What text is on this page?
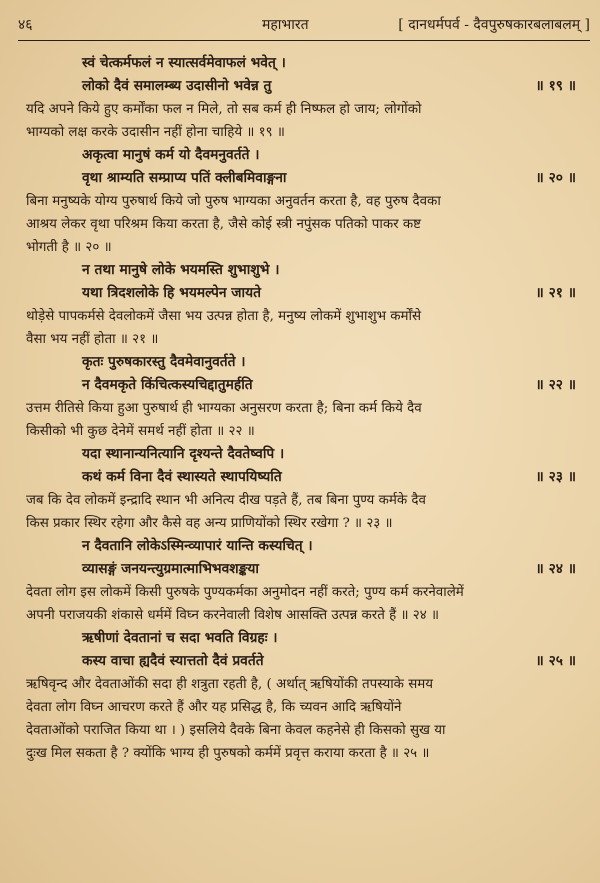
४६	महाभारत	[ दानधर्मपर्व - दैवपुरुषकारबलाबलम् ]
स्वं चेत्कर्मफलं न स्यात्सर्वमेवाफलं भवेत् ।
लोको दैवं समालम्ब्य उदासीनो भवेन्न तु	॥ १९ ॥
यदि अपने किये हुए कर्मोंका फल न मिले, तो सब कर्म ही निष्फल हो जाय; लोगोंको
भाग्यको लक्ष करके उदासीन नहीं होना चाहिये ॥ १९ ॥
अकृत्वा मानुषं कर्म यो दैवमनुवर्तते ।
वृथा श्राम्यति सम्प्राप्य पतिं क्लीबमिवाङ्गना	॥ २० ॥
बिना मनुष्यके योग्य पुरुषार्थ किये जो पुरुष भाग्यका अनुवर्तन करता है, वह पुरुष दैवका
आश्रय लेकर वृथा परिश्रम किया करता है, जैसे कोई स्त्री नपुंसक पतिको पाकर कष्ट
भोगती है ॥ २० ॥
न तथा मानुषे लोके भयमस्ति शुभाशुभे ।
यथा त्रिदशलोके हि भयमल्पेन जायते	॥ २१ ॥
थोड़ेसे पापकर्मसे देवलोकमें जैसा भय उत्पन्न होता है, मनुष्य लोकमें शुभाशुभ कर्मोंसे
वैसा भय नहीं होता ॥ २१ ॥
कृतः पुरुषकारस्तु दैवमेवानुवर्तते ।
न दैवमकृते किंचित्कस्यचिद्दातुमर्हति	॥ २२ ॥
उत्तम रीतिसे किया हुआ पुरुषार्थ ही भाग्यका अनुसरण करता है; बिना कर्म किये दैव
किसीको भी कुछ देनेमें समर्थ नहीं होता ॥ २२ ॥
यदा स्थानान्यनित्यानि दृश्यन्ते दैवतेष्वपि ।
कथं कर्म विना दैवं स्थास्यते स्थापयिष्यति	॥ २३ ॥
जब कि देव लोकमें इन्द्रादि स्थान भी अनित्य दीख पड़ते हैं, तब बिना पुण्य कर्मके दैव
किस प्रकार स्थिर रहेगा और कैसे वह अन्य प्राणियोंको स्थिर रखेगा ? ॥ २३ ॥
न दैवतानि लोकेऽस्मिन्व्यापारं यान्ति कस्यचित् ।
व्यासङ्गं जनयन्त्युग्रमात्माभिभवशङ्कया	॥ २४ ॥
देवता लोग इस लोकमें किसी पुरुषके पुण्यकर्मका अनुमोदन नहीं करते; पुण्य कर्म करनेवालेमें
अपनी पराजयकी शंकासे धर्ममें विघ्न करनेवाली विशेष आसक्ति उत्पन्न करते हैं ॥ २४ ॥
ऋषीणां देवतानां च सदा भवति विग्रहः ।
कस्य वाचा ह्यदैवं स्यात्ततो दैवं प्रवर्तते	॥ २५ ॥
ऋषिवृन्द और देवताओंकी सदा ही शत्रुता रहती है, ( अर्थात् ऋषियोंकी तपस्याके समय
देवता लोग विघ्न आचरण करते हैं और यह प्रसिद्ध है, कि च्यवन आदि ऋषियोंने
देवताओंको पराजित किया था । ) इसलिये दैवके बिना केवल कहनेसे ही किसको सुख या
दुःख मिल सकता है ? क्योंकि भाग्य ही पुरुषको कर्ममें प्रवृत्त कराया करता है ॥ २५ ॥
